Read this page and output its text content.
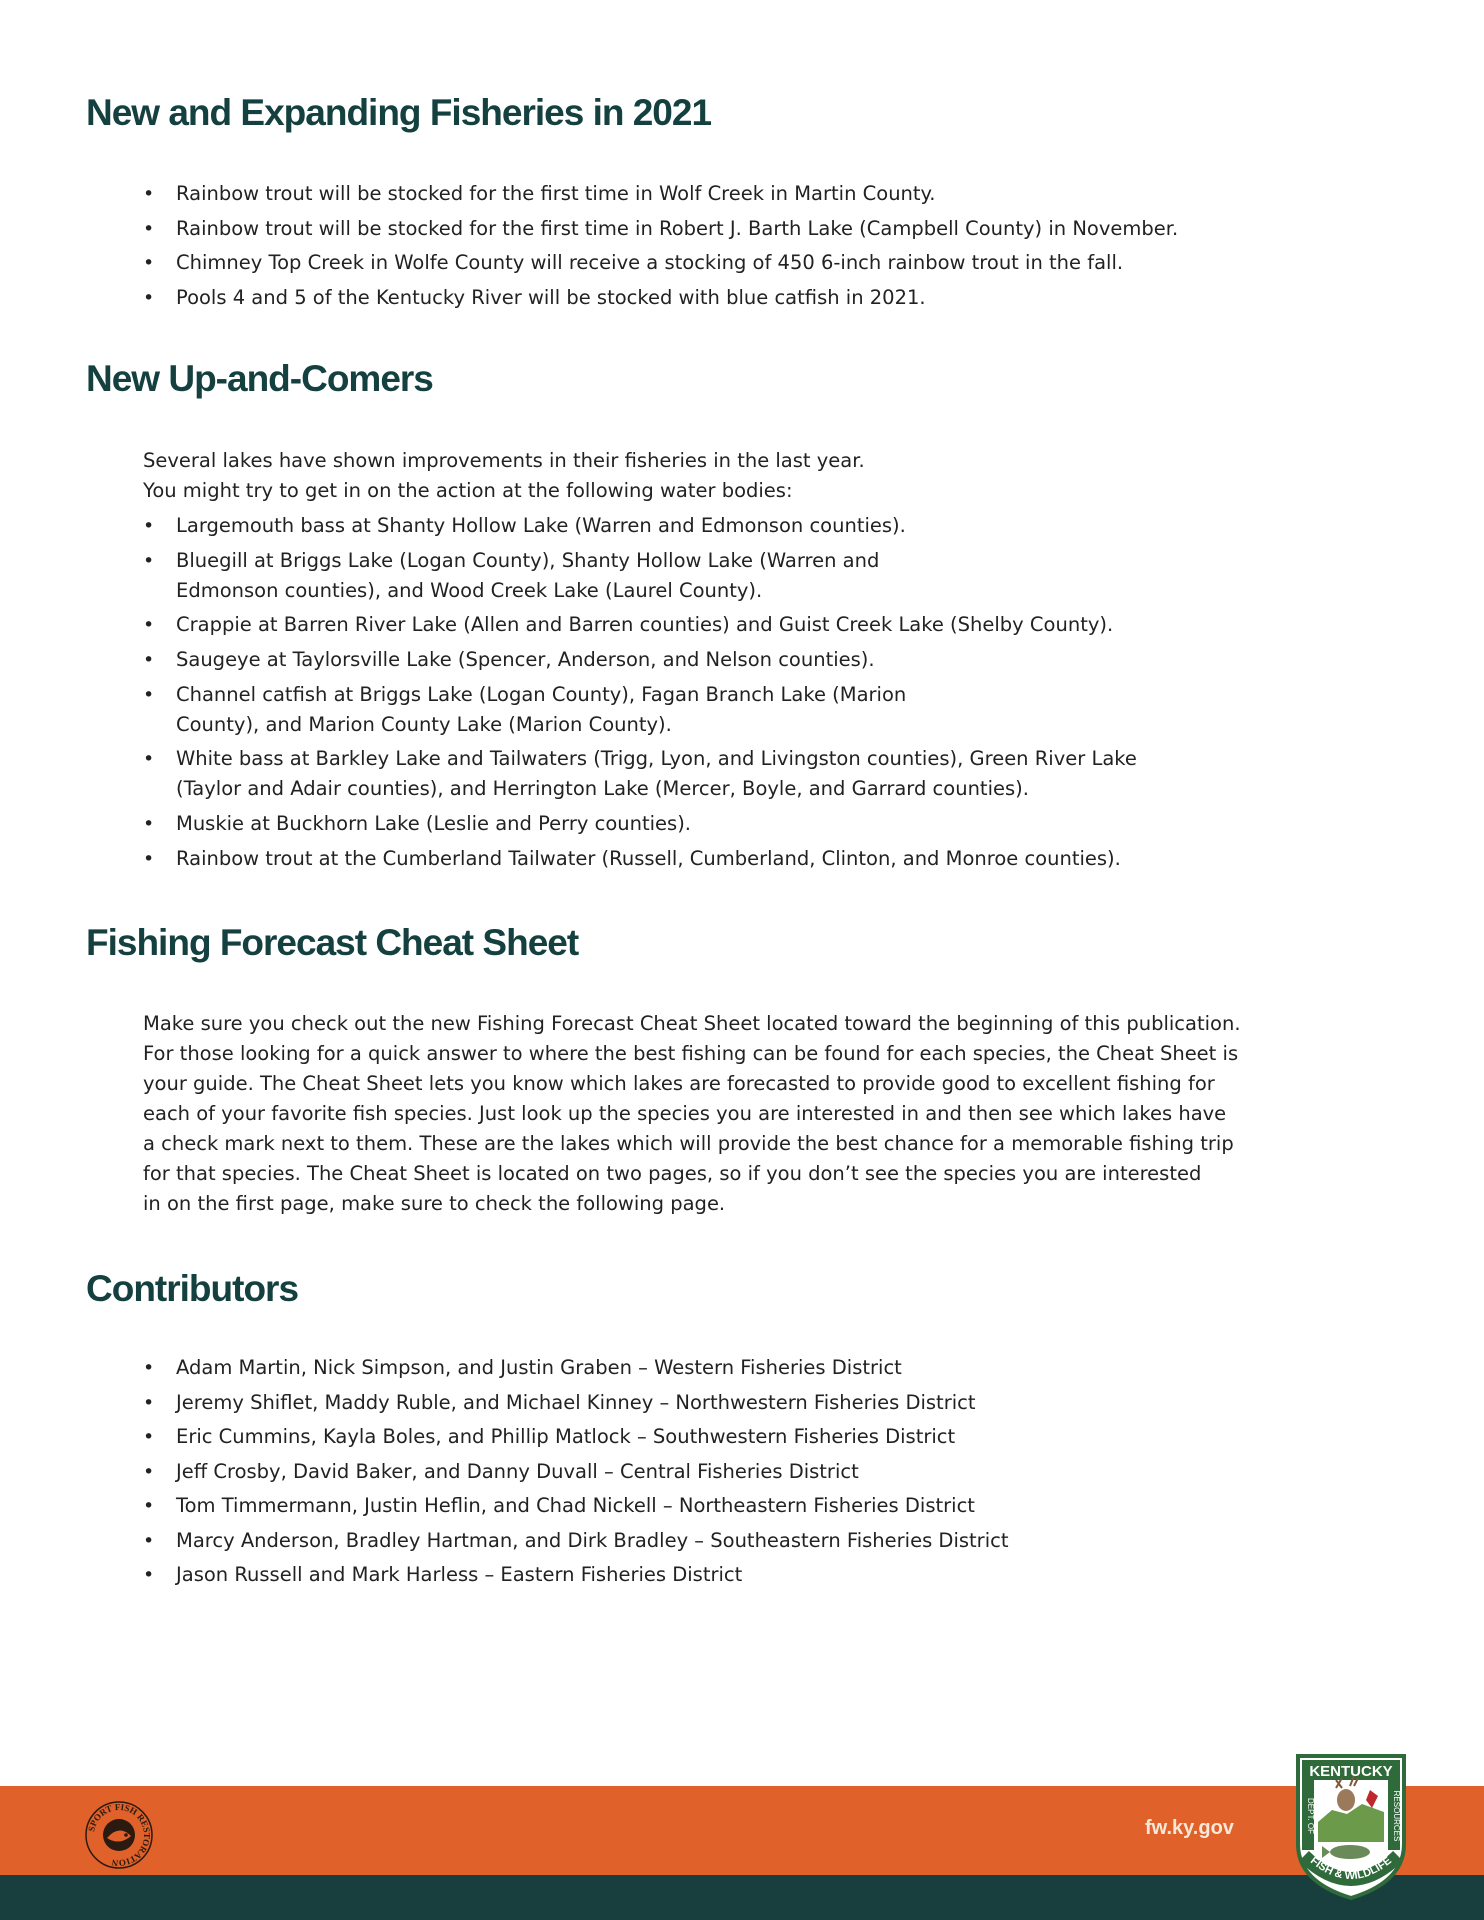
New and Expanding Fisheries in 2021
• Rainbow trout will be stocked for the first time in Wolf Creek in Martin County.
• Rainbow trout will be stocked for the first time in Robert J. Barth Lake (Campbell County) in November.
• Chimney Top Creek in Wolfe County will receive a stocking of 450 6-inch rainbow trout in the fall.
• Pools 4 and 5 of the Kentucky River will be stocked with blue catfish in 2021.
New Up-and-Comers
Several lakes have shown improvements in their fisheries in the last year.
You might try to get in on the action at the following water bodies:
• Largemouth bass at Shanty Hollow Lake (Warren and Edmonson counties).
• Bluegill at Briggs Lake (Logan County), Shanty Hollow Lake (Warren and
Edmonson counties), and Wood Creek Lake (Laurel County).
• Crappie at Barren River Lake (Allen and Barren counties) and Guist Creek Lake (Shelby County).
• Saugeye at Taylorsville Lake (Spencer, Anderson, and Nelson counties).
• Channel catfish at Briggs Lake (Logan County), Fagan Branch Lake (Marion
County), and Marion County Lake (Marion County).
• White bass at Barkley Lake and Tailwaters (Trigg, Lyon, and Livingston counties), Green River Lake
(Taylor and Adair counties), and Herrington Lake (Mercer, Boyle, and Garrard counties).
• Muskie at Buckhorn Lake (Leslie and Perry counties).
• Rainbow trout at the Cumberland Tailwater (Russell, Cumberland, Clinton, and Monroe counties).
Fishing Forecast Cheat Sheet
Make sure you check out the new Fishing Forecast Cheat Sheet located toward the beginning of this publication.
For those looking for a quick answer to where the best fishing can be found for each species, the Cheat Sheet is
your guide. The Cheat Sheet lets you know which lakes are forecasted to provide good to excellent fishing for
each of your favorite fish species. Just look up the species you are interested in and then see which lakes have
a check mark next to them. These are the lakes which will provide the best chance for a memorable fishing trip
for that species. The Cheat Sheet is located on two pages, so if you don’t see the species you are interested
in on the first page, make sure to check the following page.
Contributors
• Adam Martin, Nick Simpson, and Justin Graben – Western Fisheries District
• Jeremy Shiflet, Maddy Ruble, and Michael Kinney – Northwestern Fisheries District
• Eric Cummins, Kayla Boles, and Phillip Matlock – Southwestern Fisheries District
• Jeff Crosby, David Baker, and Danny Duvall – Central Fisheries District
• Tom Timmermann, Justin Heflin, and Chad Nickell – Northeastern Fisheries District
• Marcy Anderson, Bradley Hartman, and Dirk Bradley – Southeastern Fisheries District
• Jason Russell and Mark Harless – Eastern Fisheries District
SPORT FISH RESTORATION
fw.ky.gov
KENTUCKY
DEPT. OF	RESOURCES
FISH & WILDLIFE
